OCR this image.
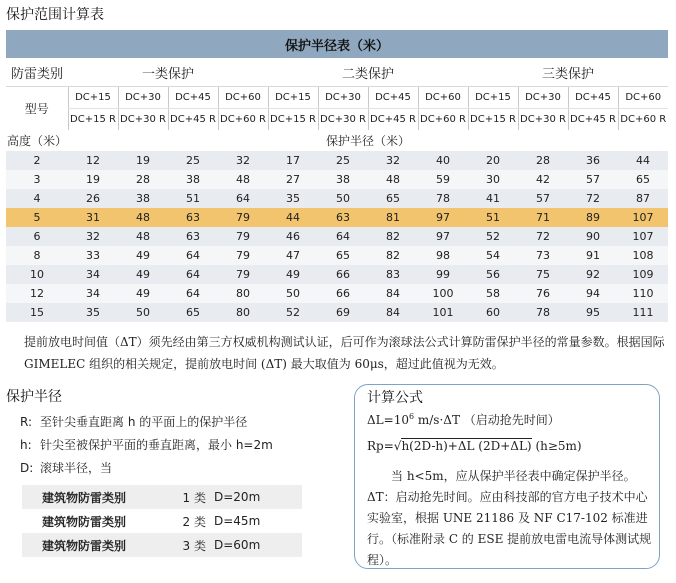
保护范围计算表
保护半径表（米）												
防雷类别	一类保护				二类保护				三类保护			
型号	DC+15	DC+30	DC+45	DC+60	DC+15	DC+30	DC+45	DC+60	DC+15	DC+30	DC+45	DC+60
	DC+15 R	DC+30 R	DC+45 R	DC+60 R	DC+15 R	DC+30 R	DC+45 R	DC+60 R	DC+15 R	DC+30 R	DC+45 R	DC+60 R
高度（米）	保护半径（米）											
2	12	19	25	32	17	25	32	40	20	28	36	44
3	19	28	38	48	27	38	48	59	30	42	57	65
4	26	38	51	64	35	50	65	78	41	57	72	87
5	31	48	63	79	44	63	81	97	51	71	89	107
6	32	48	63	79	46	64	82	97	52	72	90	107
8	33	49	64	79	47	65	82	98	54	73	91	108
10	34	49	64	79	49	66	83	99	56	75	92	109
12	34	49	64	80	50	66	84	100	58	76	94	110
15	35	50	65	80	52	69	84	101	60	78	95	111
提前放电时间值（ΔT）须先经由第三方权威机构测试认证，后可作为滚球法公式计算防雷保护半径的常量参数。根据国际 GIMELEC 组织的相关规定，提前放电时间 (ΔT) 最大取值为 60μs，超过此值视为无效。
保护半径
R: 至针尖垂直距离 h 的平面上的保护半径
h: 针尖至被保护平面的垂直距离，最小 h=2m
D: 滚球半径，当
建筑物防雷类别	1 类	D=20m
建筑物防雷类别	2 类	D=45m
建筑物防雷类别	3 类	D=60m
计算公式
$\Delta L=10^6$ m/s·ΔT （启动抢先时间）
Rp=√h(2D-h)+ΔL (2D+ΔL) (h≥5m)
当 h<5m，应从保护半径表中确定保护半径。
ΔT：启动抢先时间。应由科技部的官方电子技术中心实验室，根据 UNE 21186 及 NF C17-102 标准进行。（标准附录 C 的 ESE 提前放电雷电流导体测试规程）。
